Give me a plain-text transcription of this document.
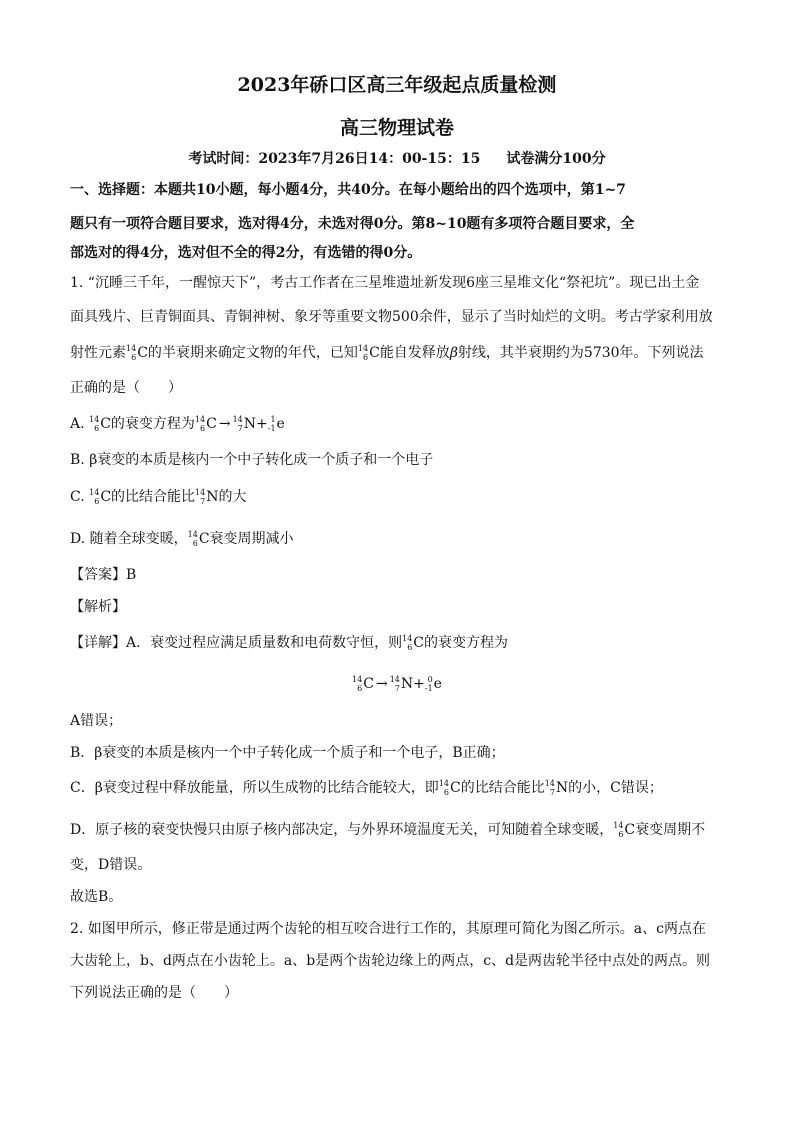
2023年硚口区高三年级起点质量检测
高三物理试卷
考试时间：2023年7月26日14：00-15：15 试卷满分100分
一、选择题：本题共10小题，每小题4分，共40分。在每小题给出的四个选项中，第1~7
题只有一项符合题目要求，选对得4分，未选对得0分。第8~10题有多项符合题目要求，全
部选对的得4分，选对但不全的得2分，有选错的得0分。
1. “沉睡三千年，一醒惊天下”，考古工作者在三星堆遗址新发现6座三星堆文化“祭祀坑”。现已出土金
面具残片、巨青铜面具、青铜神树、象牙等重要文物500余件，显示了当时灿烂的文明。考古学家利用放
射性元素 14
6 C的半衰期来确定文物的年代，已知 14
6 C能自发释放β射线，其半衰期约为5730年。下列说法
正确的是（　　）
A. 14
6 C的衰变方程为 14
6 C → 14
7 N+ 1
-1 e
B. β衰变的本质是核内一个中子转化成一个质子和一个电子
C. 14
6 C的比结合能比 14
7 N的大
D. 随着全球变暖， 14
6 C衰变周期减小
【答案】B
【解析】
【详解】A．衰变过程应满足质量数和电荷数守恒，则 14
6 C的衰变方程为
14
6 C → 14
7 N+ 0
-1 e
A错误；
B．β衰变的本质是核内一个中子转化成一个质子和一个电子，B正确；
C．β衰变过程中释放能量，所以生成物的比结合能较大，即 14
6 C的比结合能比 14
7 N的小，C错误；
D．原子核的衰变快慢只由原子核内部决定，与外界环境温度无关，可知随着全球变暖， 14
6 C衰变周期不
变，D错误。
故选B。
2. 如图甲所示，修正带是通过两个齿轮的相互咬合进行工作的，其原理可简化为图乙所示。a、c两点在
大齿轮上，b、d两点在小齿轮上。a、b是两个齿轮边缘上的两点，c、d是两齿轮半径中点处的两点。则
下列说法正确的是（　　）
